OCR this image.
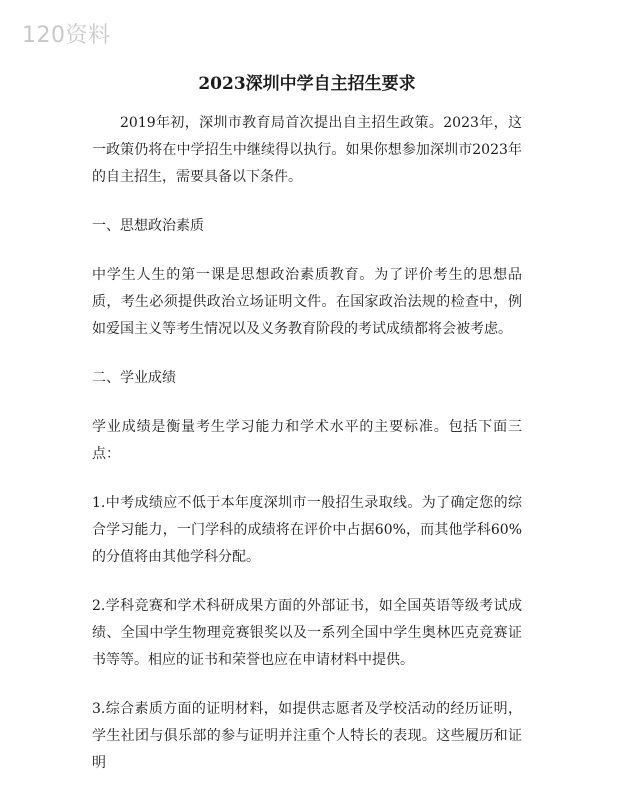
120资料
2023深圳中学自主招生要求

2019年初，深圳市教育局首次提出自主招生政策。2023年，这一政策仍将在中学招生中继续得以执行。如果你想参加深圳市2023年的自主招生，需要具备以下条件。

一、思想政治素质

中学生人生的第一课是思想政治素质教育。为了评价考生的思想品质，考生必须提供政治立场证明文件。在国家政治法规的检查中，例如爱国主义等考生情况以及义务教育阶段的考试成绩都将会被考虑。

二、学业成绩

学业成绩是衡量考生学习能力和学术水平的主要标准。包括下面三点：

1.中考成绩应不低于本年度深圳市一般招生录取线。为了确定您的综合学习能力，一门学科的成绩将在评价中占据60%，而其他学科60%的分值将由其他学科分配。

2.学科竞赛和学术科研成果方面的外部证书，如全国英语等级考试成绩、全国中学生物理竞赛银奖以及一系列全国中学生奥林匹克竞赛证书等等。相应的证书和荣誉也应在申请材料中提供。

3.综合素质方面的证明材料，如提供志愿者及学校活动的经历证明，学生社团与俱乐部的参与证明并注重个人特长的表现。这些履历和证明
